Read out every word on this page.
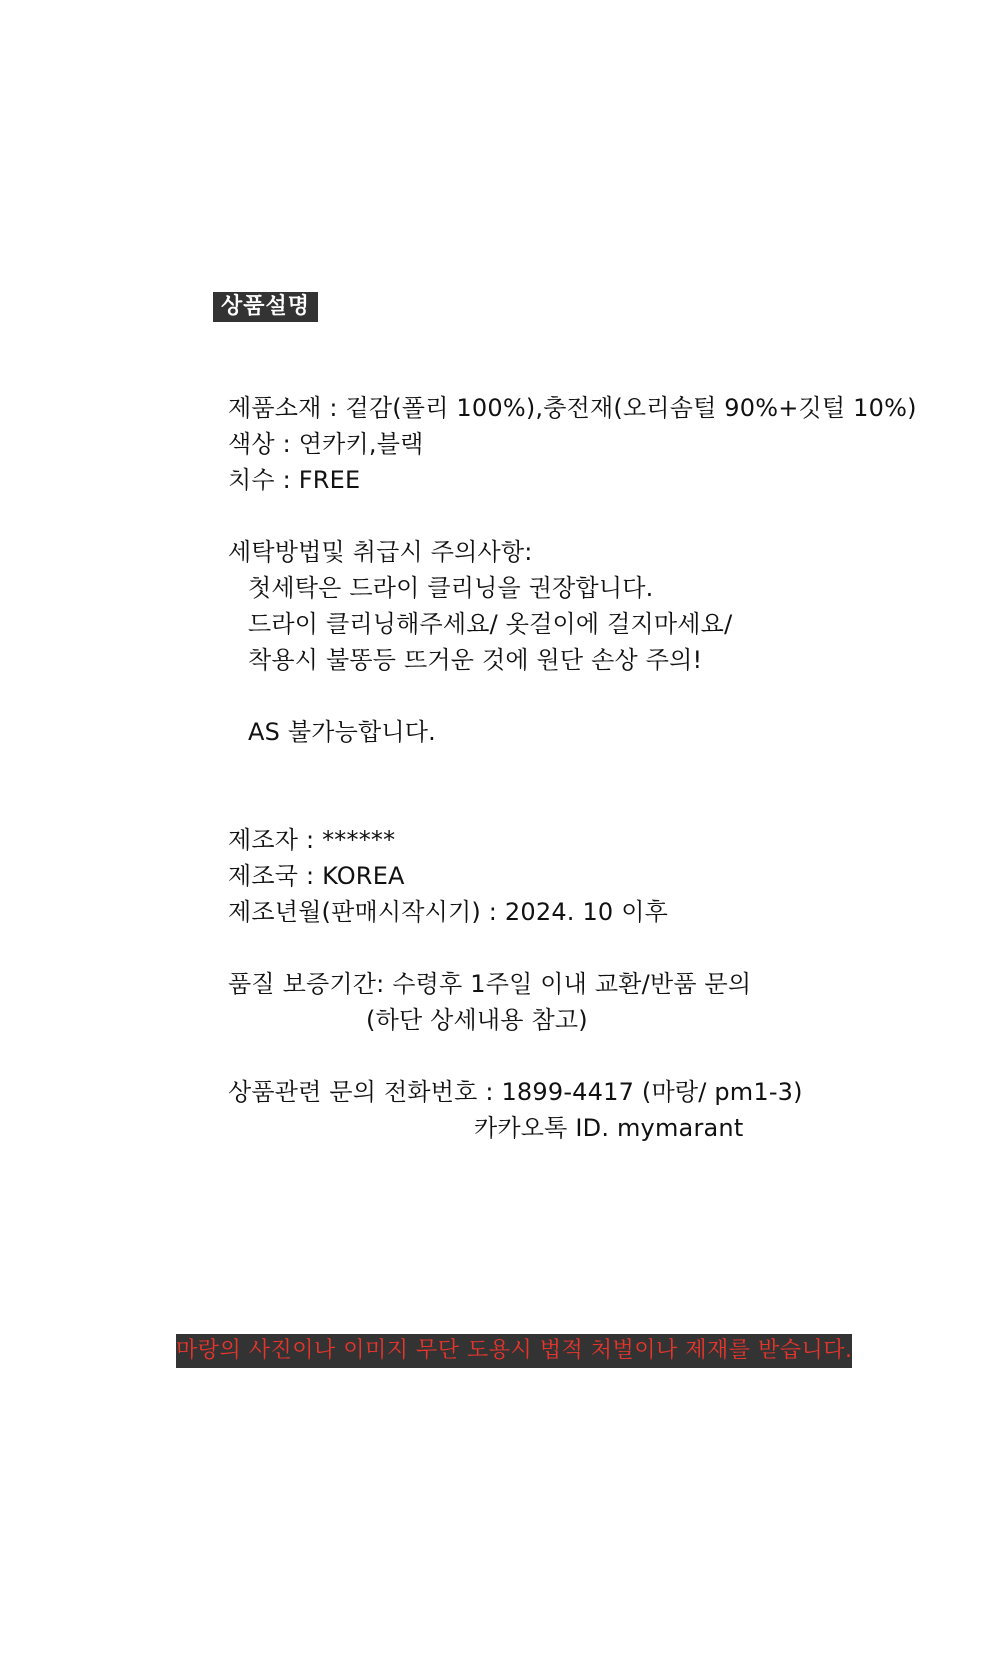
상품설명
제품소재 : 겉감(폴리 100%),충전재(오리솜털 90%+깃털 10%)
색상 : 연카키,블랙
치수 : FREE
세탁방법및 취급시 주의사항:
첫세탁은 드라이 클리닝을 권장합니다.
드라이 클리닝해주세요/ 옷걸이에 걸지마세요/
착용시 불똥등 뜨거운 것에 원단 손상 주의!
AS 불가능합니다.
제조자 : ******
제조국 : KOREA
제조년월(판매시작시기) : 2024. 10 이후
품질 보증기간: 수령후 1주일 이내 교환/반품 문의
(하단 상세내용 참고)
상품관련 문의 전화번호 : 1899-4417 (마랑/ pm1-3)
카카오톡 ID. mymarant
마랑의 사진이나 이미지 무단 도용시 법적 처벌이나 제재를 받습니다.
